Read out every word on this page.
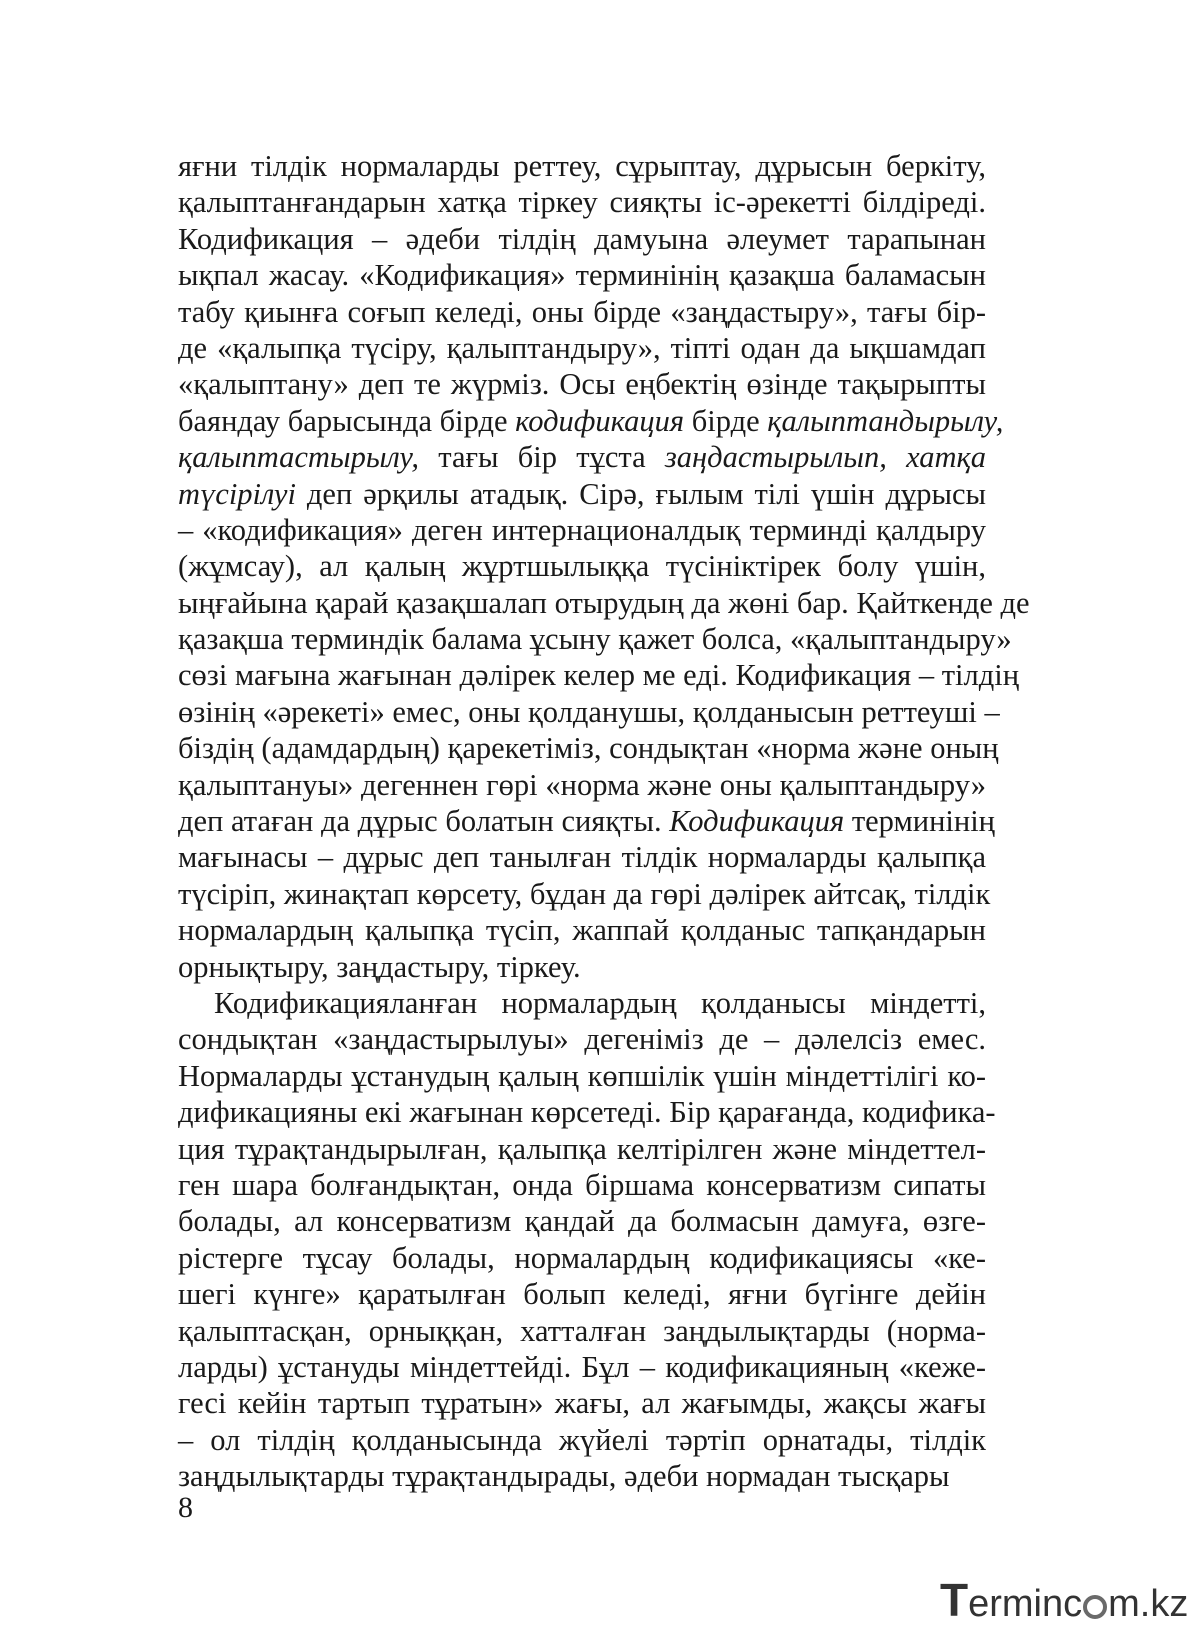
яғни тілдік нормаларды реттеу, сұрыптау, дұрысын беркіту,
қалыптанғандарын хатқа тіркеу сияқты іс-әрекетті білдіреді.
Кодификация – әдеби тілдің дамуына әлеумет тарапынан
ықпал жасау. «Кодификация» терминінің қазақша баламасын
табу қиынға соғып келеді, оны бірде «заңдастыру», тағы бір-
де «қалыпқа түсіру, қалыптандыру», тіпті одан да ықшамдап
«қалыптану» деп те жүрміз. Осы еңбектің өзінде тақырыпты
баяндау барысында бірде кодификация бірде қалыптандырылу,
қалыптастырылу, тағы бір тұста заңдастырылып, хатқа
түсірілуі деп әрқилы атадық. Сірә, ғылым тілі үшін дұрысы
– «кодификация» деген интернационалдық терминді қалдыру
(жұмсау), ал қалың жұртшылыққа түсініктірек болу үшін,
ыңғайына қарай қазақшалап отырудың да жөні бар. Қайткенде де
қазақша терминдік балама ұсыну қажет болса, «қалыптандыру»
сөзі мағына жағынан дәлірек келер ме еді. Кодификация – тілдің
өзінің «әрекеті» емес, оны қолданушы, қолданысын реттеуші –
біздің (адамдардың) қарекетіміз, сондықтан «норма және оның
қалыптануы» дегеннен гөрі «норма және оны қалыптандыру»
деп атаған да дұрыс болатын сияқты. Кодификация терминінің
мағынасы – дұрыс деп танылған тілдік нормаларды қалыпқа
түсіріп, жинақтап көрсету, бұдан да гөрі дәлірек айтсақ, тілдік
нормалардың қалыпқа түсіп, жаппай қолданыс тапқандарын
орнықтыру, заңдастыру, тіркеу.
Кодификацияланған нормалардың қолданысы міндетті,
сондықтан «заңдастырылуы» дегеніміз де – дәлелсіз емес.
Нормаларды ұстанудың қалың көпшілік үшін міндеттілігі ко-
дификацияны екі жағынан көрсетеді. Бір қарағанда, кодифика-
ция тұрақтандырылған, қалыпқа келтірілген және міндеттел-
ген шара болғандықтан, онда біршама консерватизм сипаты
болады, ал консерватизм қандай да болмасын дамуға, өзге-
рістерге тұсау болады, нормалардың кодификациясы «ке-
шегі күнге» қаратылған болып келеді, яғни бүгінге дейін
қалыптасқан, орныққан, хатталған заңдылықтарды (норма-
ларды) ұстануды міндеттейді. Бұл – кодификацияның «кеже-
гесі кейін тартып тұратын» жағы, ал жағымды, жақсы жағы
– ол тілдің қолданысында жүйелі тәртіп орнатады, тілдік
заңдылықтарды тұрақтандырады, әдеби нормадан тысқары
8
Terminc m.kz
